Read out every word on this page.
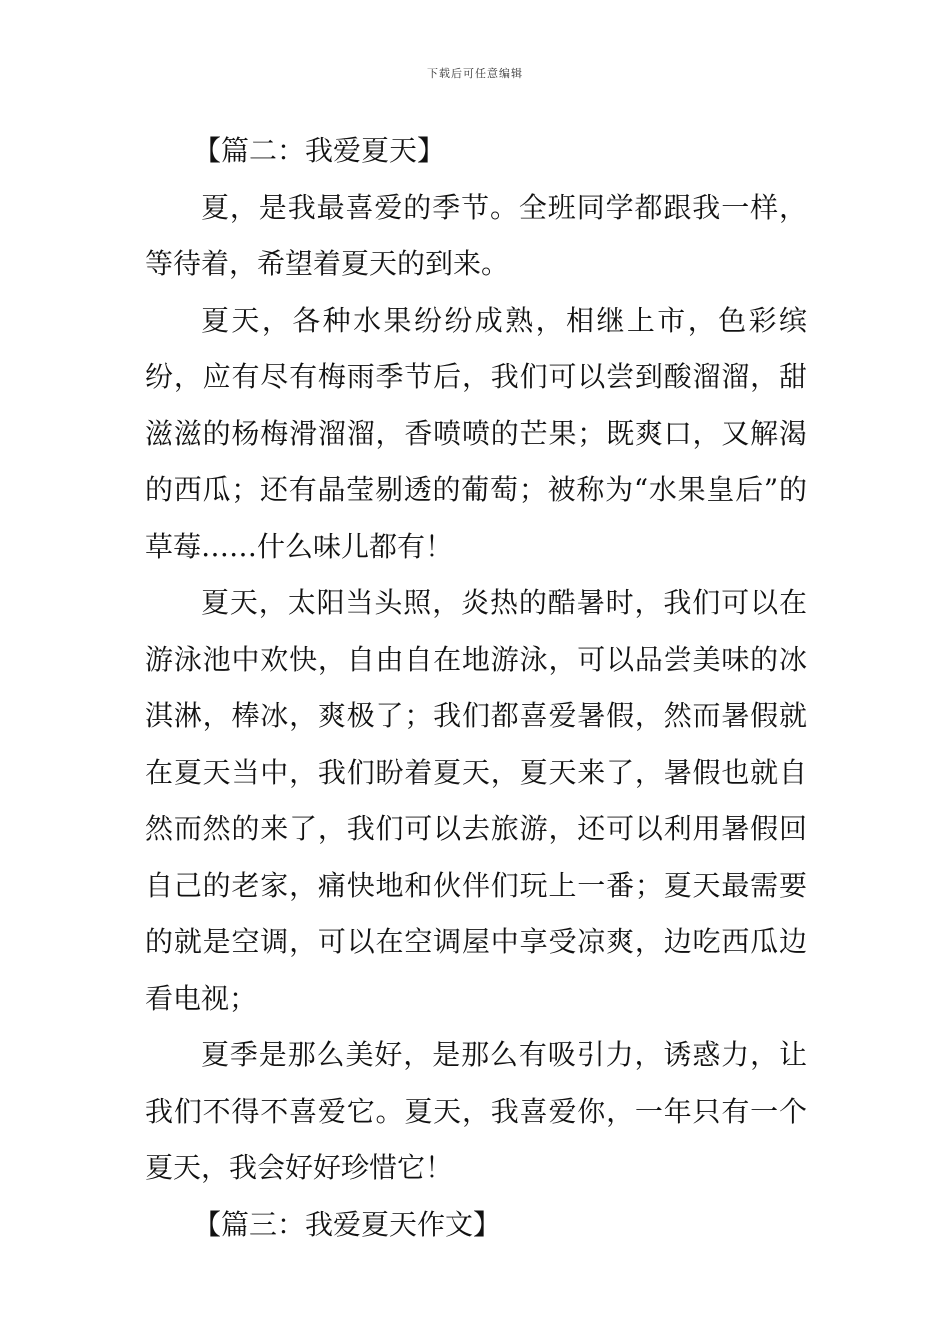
下载后可任意编辑

【篇二：我爱夏天】

夏，是我最喜爱的季节。全班同学都跟我一样，等待着，希望着夏天的到来。

夏天，各种水果纷纷成熟，相继上市，色彩缤纷，应有尽有梅雨季节后，我们可以尝到酸溜溜，甜滋滋的杨梅滑溜溜，香喷喷的芒果；既爽口，又解渴的西瓜；还有晶莹剔透的葡萄；被称为“水果皇后”的草莓……什么味儿都有！

夏天，太阳当头照，炎热的酷暑时，我们可以在游泳池中欢快，自由自在地游泳，可以品尝美味的冰淇淋，棒冰，爽极了；我们都喜爱暑假，然而暑假就在夏天当中，我们盼着夏天，夏天来了，暑假也就自然而然的来了，我们可以去旅游，还可以利用暑假回自己的老家，痛快地和伙伴们玩上一番；夏天最需要的就是空调，可以在空调屋中享受凉爽，边吃西瓜边看电视；

夏季是那么美好，是那么有吸引力，诱惑力，让我们不得不喜爱它。夏天，我喜爱你，一年只有一个夏天，我会好好珍惜它！

【篇三：我爱夏天作文】
